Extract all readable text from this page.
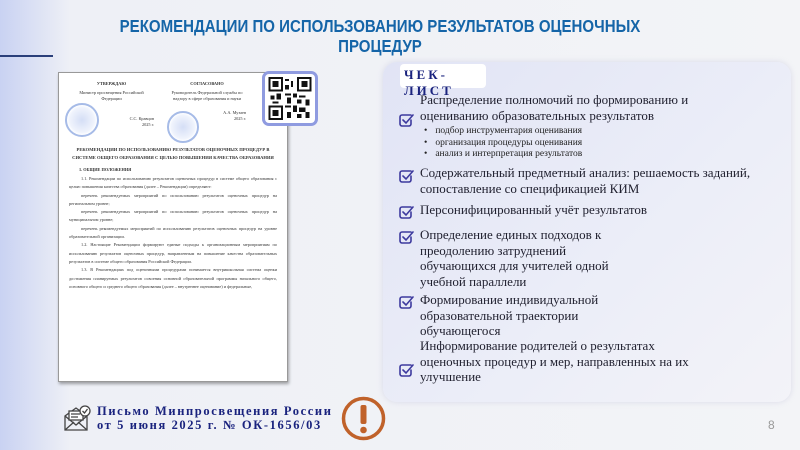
РЕКОМЕНДАЦИИ ПО ИСПОЛЬЗОВАНИЮ РЕЗУЛЬТАТОВ ОЦЕНОЧНЫХ
ПРОЦЕДУР
УТВЕРЖДАЮ
Министр просвещения Российской Федерации
С.С. Кравцов
2025 г.
СОГЛАСОВАНО
Руководитель Федеральной службы по надзору в сфере образования и науки
А.А. Музаев
2025 г.
РЕКОМЕНДАЦИИ ПО ИСПОЛЬЗОВАНИЮ РЕЗУЛЬТАТОВ ОЦЕНОЧНЫХ ПРОЦЕДУР В СИСТЕМЕ ОБЩЕГО ОБРАЗОВАНИЯ С ЦЕЛЬЮ ПОВЫШЕНИЯ КАЧЕСТВА ОБРАЗОВАНИЯ
1. ОБЩИЕ ПОЛОЖЕНИЯ

1.1. Рекомендации по использованию результатов оценочных процедур в системе общего образования с целью повышения качества образования (далее – Рекомендации) определяют:

перечень рекомендуемых мероприятий по использованию результатов оценочных процедур на региональном уровне;

перечень рекомендуемых мероприятий по использованию результатов оценочных процедур на муниципальном уровне;

перечень рекомендуемых мероприятий по использованию результатов оценочных процедур на уровне образовательной организации.

1.2. Настоящие Рекомендации формируют единые подходы к организационным мероприятиям по использованию результатов оценочных процедур, направленным на повышение качества образовательных результатов в системе общего образования Российской Федерации.

1.3. В Рекомендациях под оценочными процедурами понимается внутришкольная система оценки достижения планируемых результатов освоения основной образовательной программы начального общего, основного общего и среднего общего образования (далее – внутреннее оценивание) и федеральные,

ЧЕК-ЛИСТ
Распределение полномочий по формированию и оцениванию образовательных результатов
• подбор инструментария оценивания
• организация процедуры оценивания
• анализ и интерпретация результатов
Содержательный предметный анализ: решаемость заданий, сопоставление со спецификацией КИМ
Персонифицированный учёт результатов
Определение единых подходов к преодолению затруднений обучающихся для учителей одной учебной параллели
Формирование индивидуальной образовательной траектории обучающегося
Информирование родителей о результатах оценочных процедур и мер, направленных на их улучшение
Письмо Минпросвещения России от 5 июня 2025 г. № ОК-1656/03	8
